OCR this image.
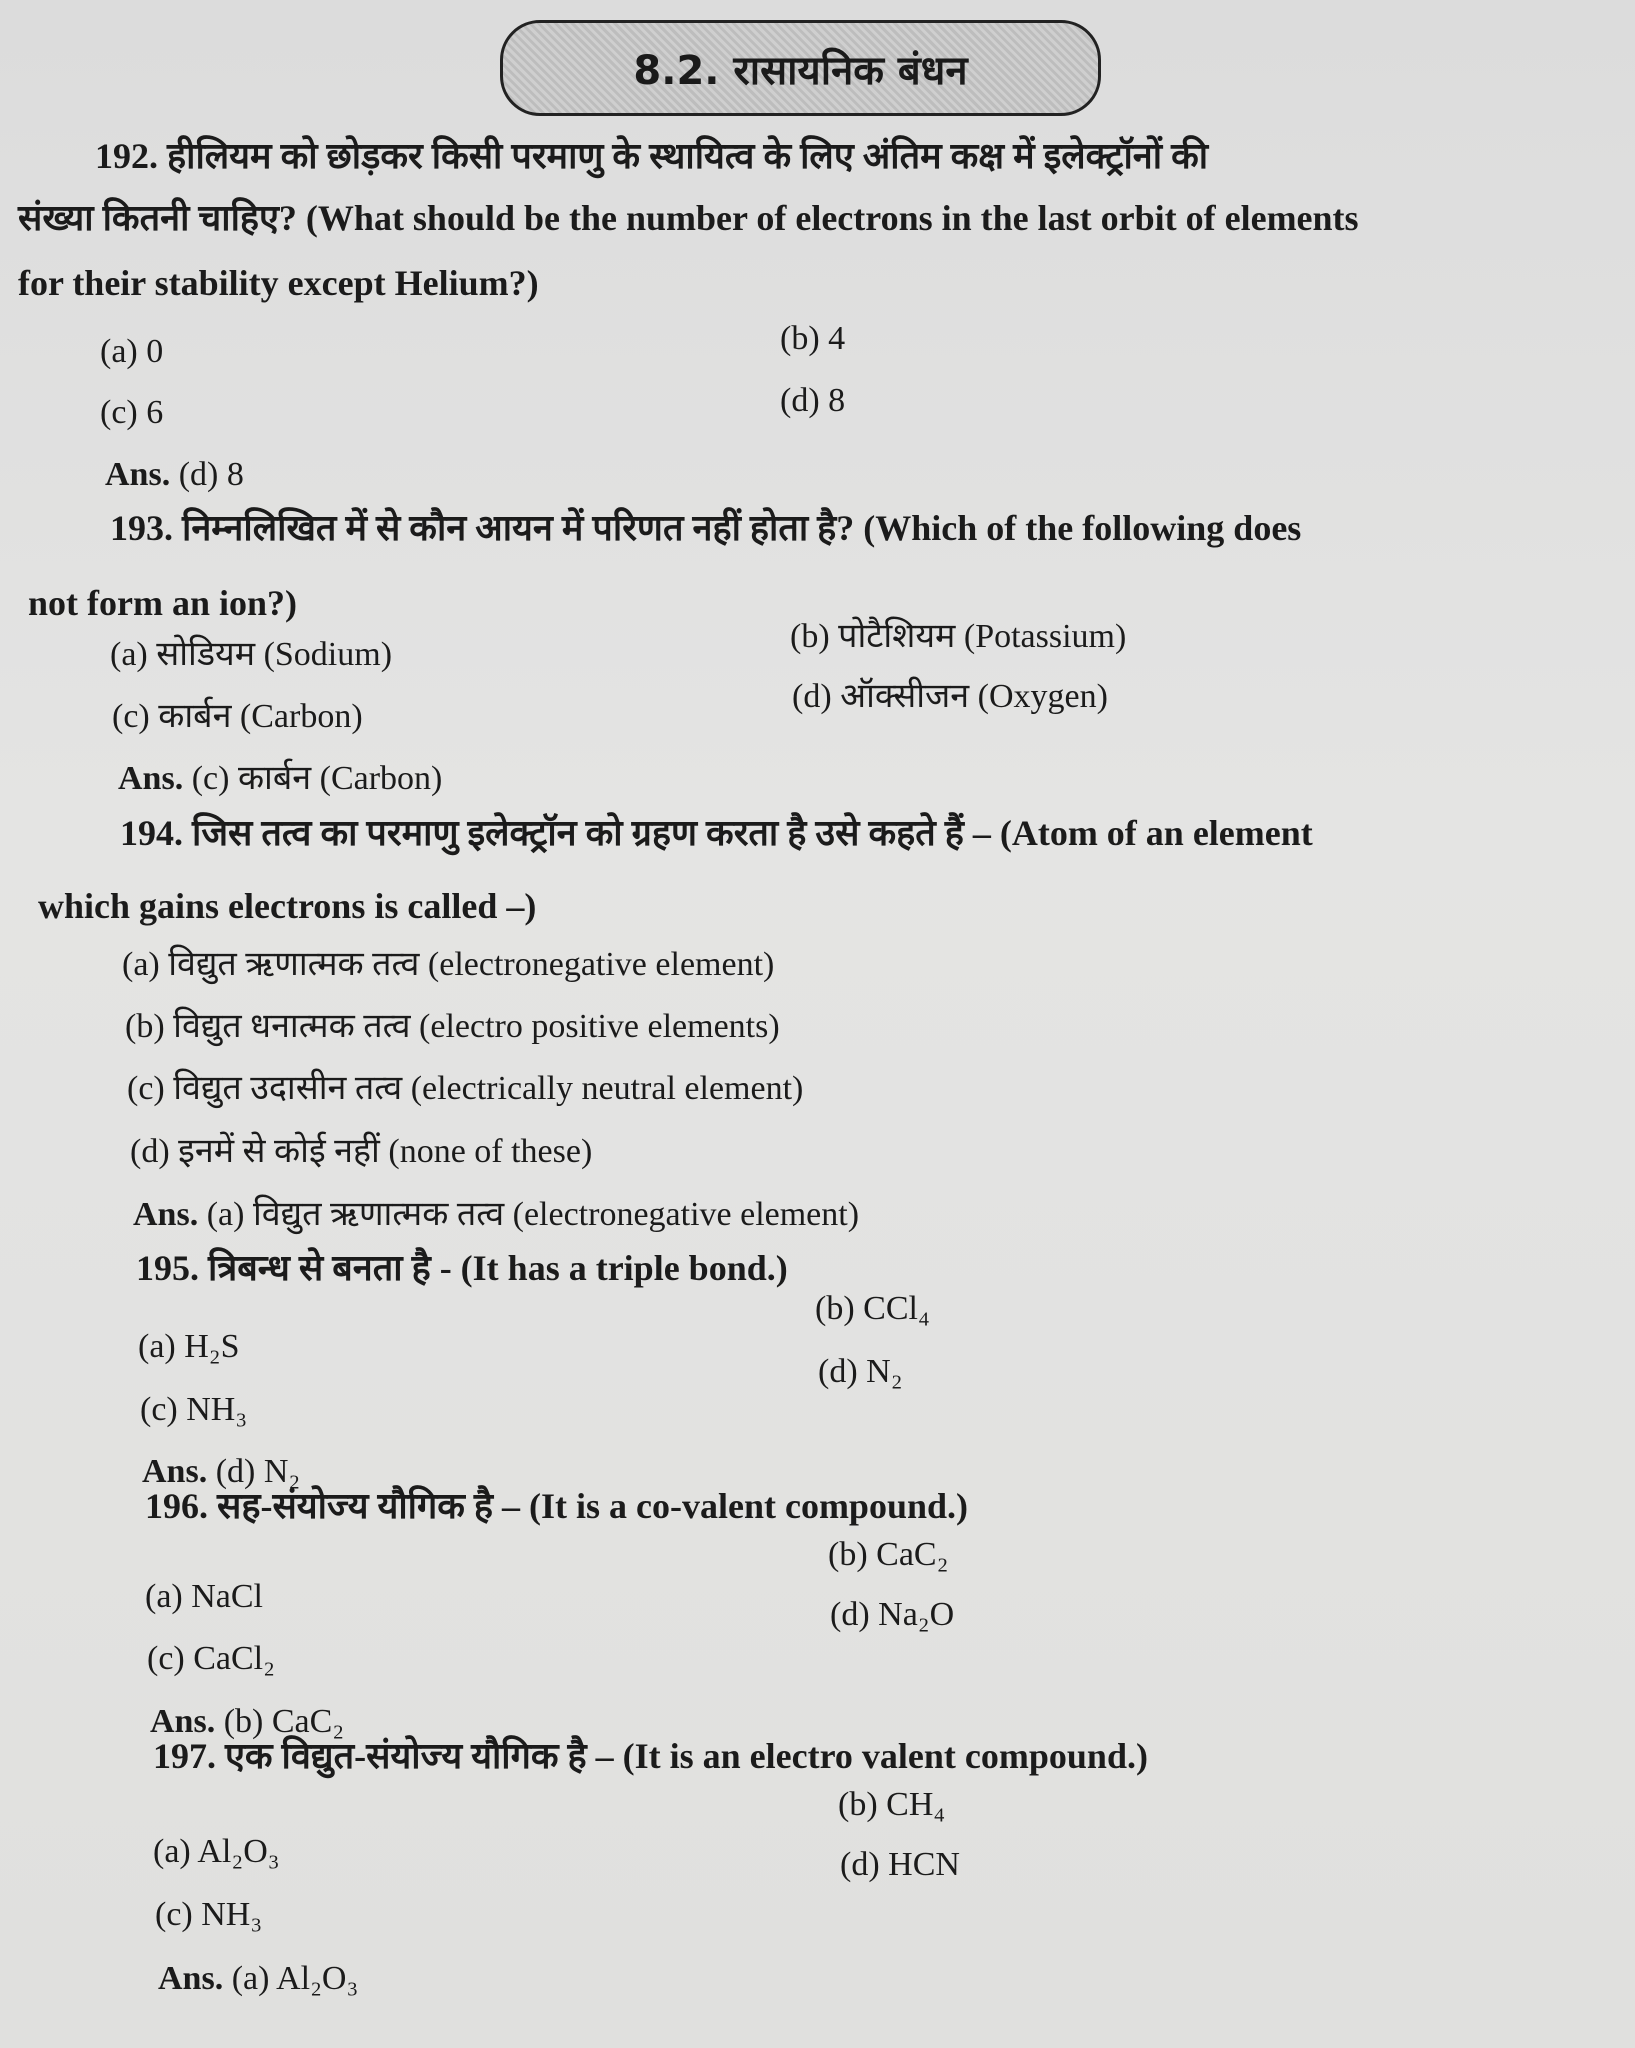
8.2. रासायनिक बंधन
192. हीलियम को छोड़कर किसी परमाणु के स्थायित्व के लिए अंतिम कक्ष में इलेक्ट्रॉनों की
संख्या कितनी चाहिए? (What should be the number of electrons in the last orbit of elements
for their stability except Helium?)
(a) 0	(b) 4
(c) 6	(d) 8
Ans. (d) 8
193. निम्नलिखित में से कौन आयन में परिणत नहीं होता है? (Which of the following does
not form an ion?)
(a) सोडियम (Sodium)	(b) पोटैशियम (Potassium)
(c) कार्बन (Carbon)
(d) ऑक्सीजन (Oxygen)
Ans. (c) कार्बन (Carbon)
194. जिस तत्व का परमाणु इलेक्ट्रॉन को ग्रहण करता है उसे कहते हैं – (Atom of an element
which gains electrons is called –)
(a) विद्युत ऋणात्मक तत्व (electronegative element)
(b) विद्युत धनात्मक तत्व (electro positive elements)
(c) विद्युत उदासीन तत्व (electrically neutral element)
(d) इनमें से कोई नहीं (none of these)
Ans. (a) विद्युत ऋणात्मक तत्व (electronegative element)
195. त्रिबन्ध से बनता है - (It has a triple bond.)
(a) H₂S
(b) CCl₄
(c) NH₃
(d) N₂
Ans. (d) N₂
196. सह-संयोज्य यौगिक है – (It is a co-valent compound.)
(a) NaCl
(b) CaC₂
(c) CaCl₂
(d) Na₂O
Ans. (b) CaC₂
197. एक विद्युत-संयोज्य यौगिक है – (It is an electro valent compound.)
(a) Al₂O₃
(b) CH₄
(c) NH₃
(d) HCN
Ans. (a) Al₂O₃
